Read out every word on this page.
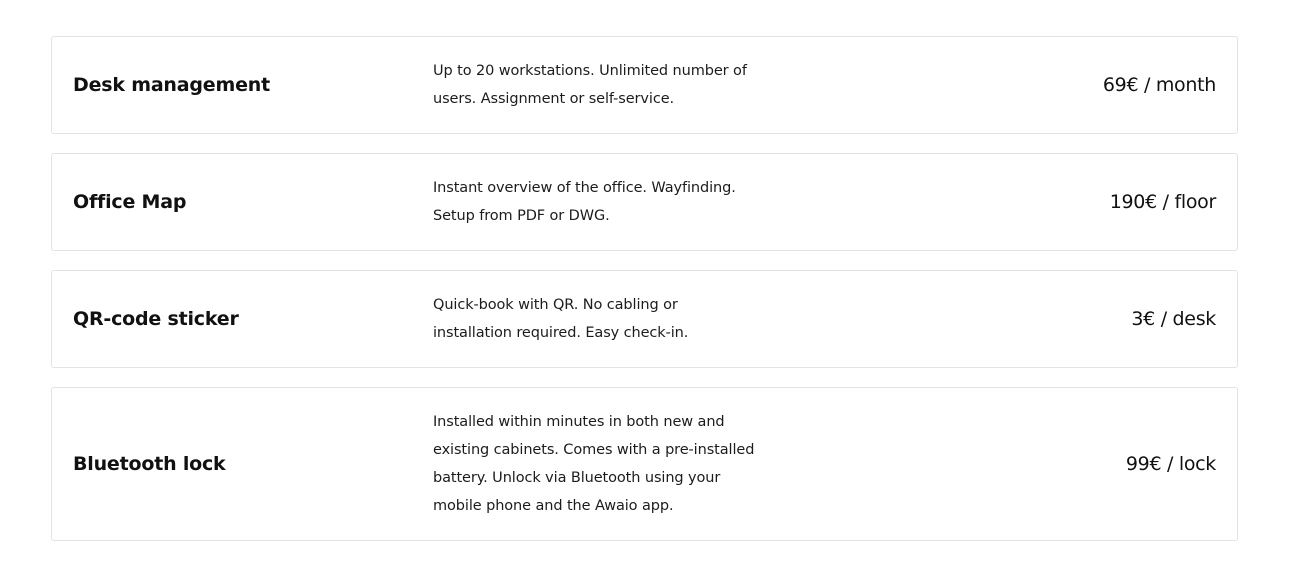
Desk management
Up to 20 workstations. Unlimited number of
users. Assignment or self-service.
69€ / month
Office Map
Instant overview of the office. Wayfinding.
Setup from PDF or DWG.
190€ / floor
QR-code sticker
Quick-book with QR. No cabling or
installation required. Easy check-in.
3€ / desk
Bluetooth lock
Installed within minutes in both new and
existing cabinets. Comes with a pre-installed
battery. Unlock via Bluetooth using your
mobile phone and the Awaio app.
99€ / lock
